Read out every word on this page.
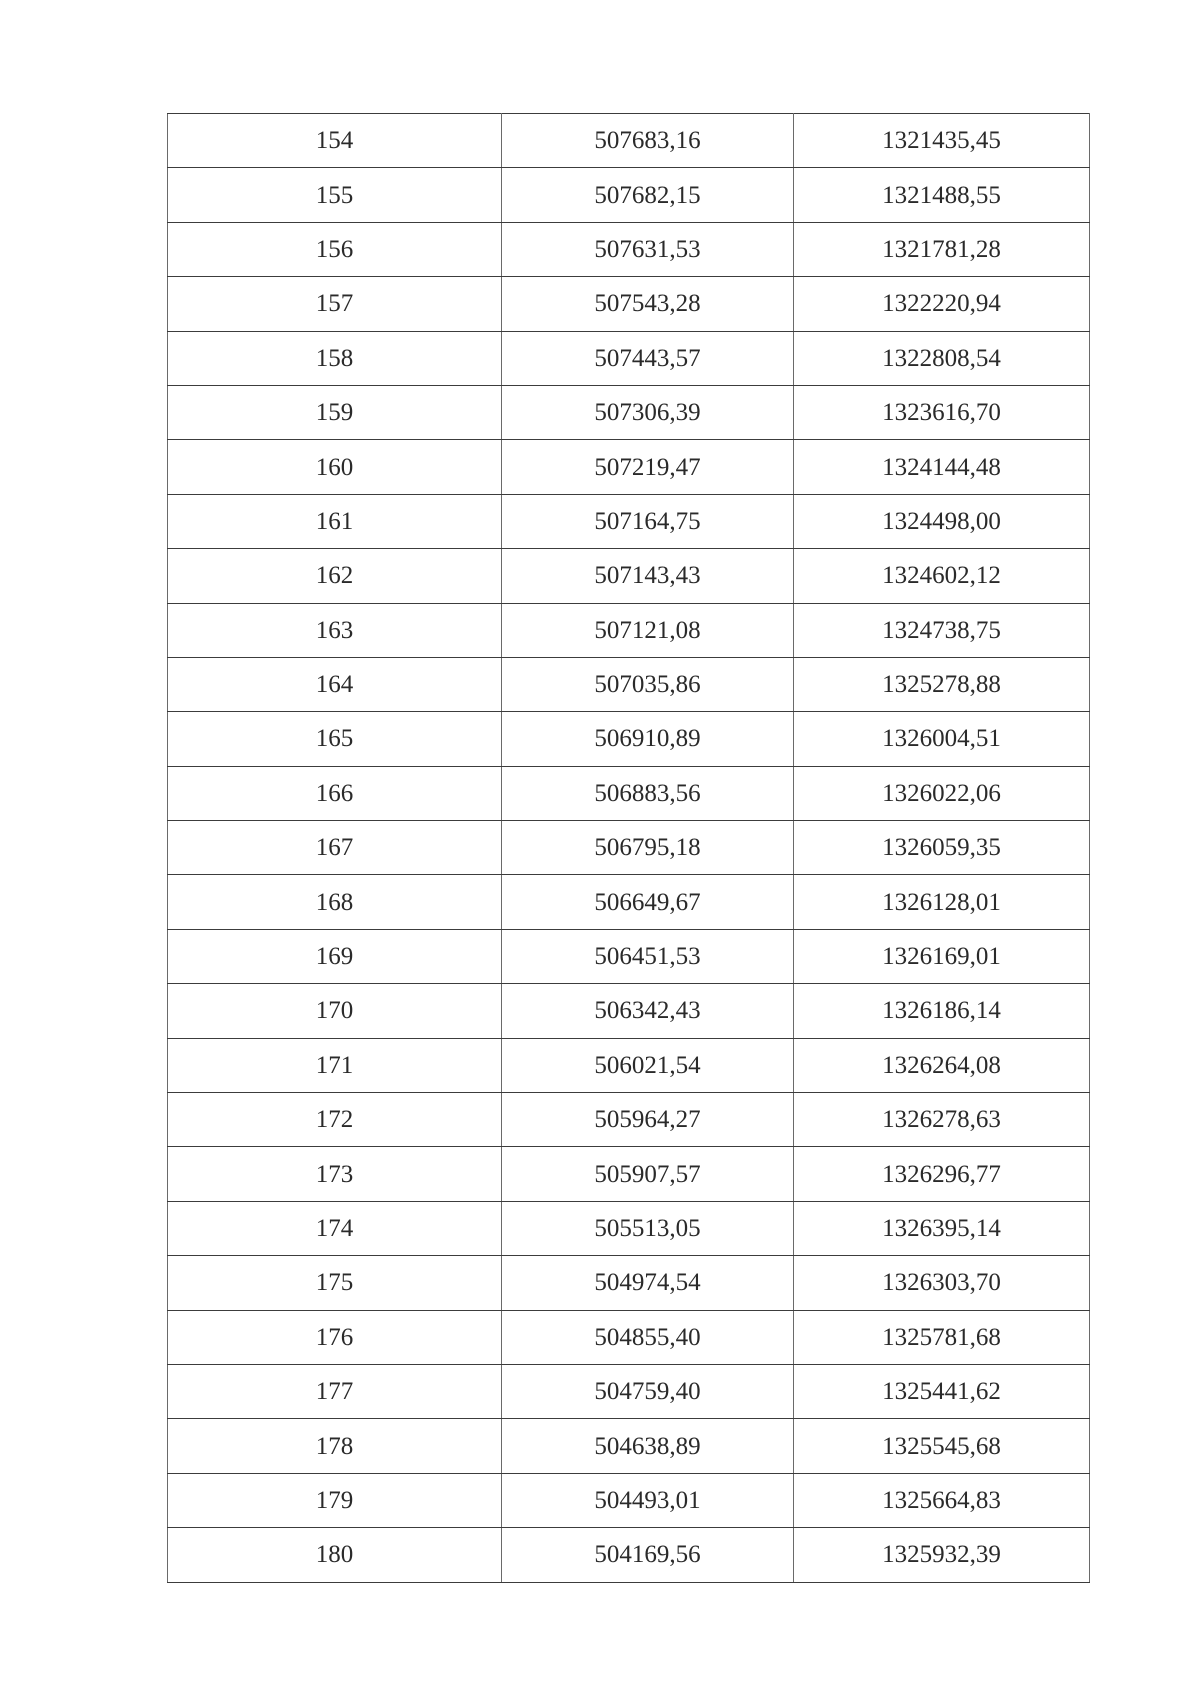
154	507683,16	1321435,45
155	507682,15	1321488,55
156	507631,53	1321781,28
157	507543,28	1322220,94
158	507443,57	1322808,54
159	507306,39	1323616,70
160	507219,47	1324144,48
161	507164,75	1324498,00
162	507143,43	1324602,12
163	507121,08	1324738,75
164	507035,86	1325278,88
165	506910,89	1326004,51
166	506883,56	1326022,06
167	506795,18	1326059,35
168	506649,67	1326128,01
169	506451,53	1326169,01
170	506342,43	1326186,14
171	506021,54	1326264,08
172	505964,27	1326278,63
173	505907,57	1326296,77
174	505513,05	1326395,14
175	504974,54	1326303,70
176	504855,40	1325781,68
177	504759,40	1325441,62
178	504638,89	1325545,68
179	504493,01	1325664,83
180	504169,56	1325932,39
